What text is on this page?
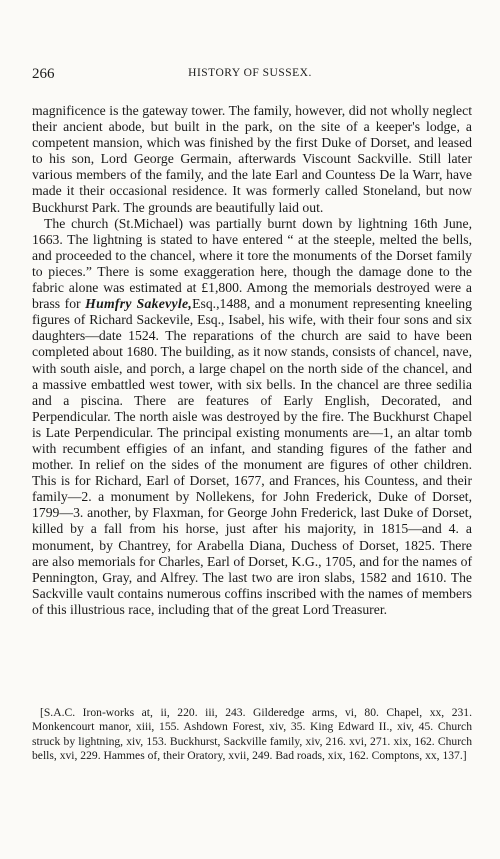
266	HISTORY OF SUSSEX.

magnificence is the gateway tower. The family, however, did not wholly neglect their ancient abode, but built in the park, on the site of a keeper's lodge, a competent mansion, which was finished by the first Duke of Dorset, and leased to his son, Lord George Germain, afterwards Viscount Sackville. Still later various members of the family, and the late Earl and Countess De la Warr, have made it their occasional residence. It was formerly called Stoneland, but now Buckhurst Park. The grounds are beautifully laid out.

The church (St.Michael) was partially burnt down by lightning 16th June, 1663. The lightning is stated to have entered “ at the steeple, melted the bells, and proceeded to the chancel, where it tore the monuments of the Dorset family to pieces.” There is some exaggeration here, though the damage done to the fabric alone was estimated at £1,800. Among the memorials destroyed were a brass for Humfry Sakevyle,Esq.,1488, and a monument representing kneeling figures of Richard Sackevile, Esq., Isabel, his wife, with their four sons and six daughters—date 1524. The reparations of the church are said to have been completed about 1680. The building, as it now stands, consists of chancel, nave, with south aisle, and porch, a large chapel on the north side of the chancel, and a massive embattled west tower, with six bells. In the chancel are three sedilia and a piscina. There are features of Early English, Decorated, and Perpendicular. The north aisle was destroyed by the fire. The Buckhurst Chapel is Late Perpendicular. The principal existing monuments are—1, an altar tomb with recumbent effigies of an infant, and standing figures of the father and mother. In relief on the sides of the monument are figures of other children. This is for Richard, Earl of Dorset, 1677, and Frances, his Countess, and their family—2. a monument by Nollekens, for John Frederick, Duke of Dorset, 1799—3. another, by Flaxman, for George John Frederick, last Duke of Dorset, killed by a fall from his horse, just after his majority, in 1815—and 4. a monument, by Chantrey, for Arabella Diana, Duchess of Dorset, 1825. There are also memorials for Charles, Earl of Dorset, K.G., 1705, and for the names of Pennington, Gray, and Alfrey. The last two are iron slabs, 1582 and 1610. The Sackville vault contains numerous coffins inscribed with the names of members of this illustrious race, including that of the great Lord Treasurer.

[S.A.C. Iron-works at, ii, 220. iii, 243. Gilderedge arms, vi, 80. Chapel, xx, 231. Monkencourt manor, xiii, 155. Ashdown Forest, xiv, 35. King Edward II., xiv, 45. Church struck by lightning, xiv, 153. Buckhurst, Sackville family, xiv, 216. xvi, 271. xix, 162. Church bells, xvi, 229. Hammes of, their Oratory, xvii, 249. Bad roads, xix, 162. Comptons, xx, 137.]
